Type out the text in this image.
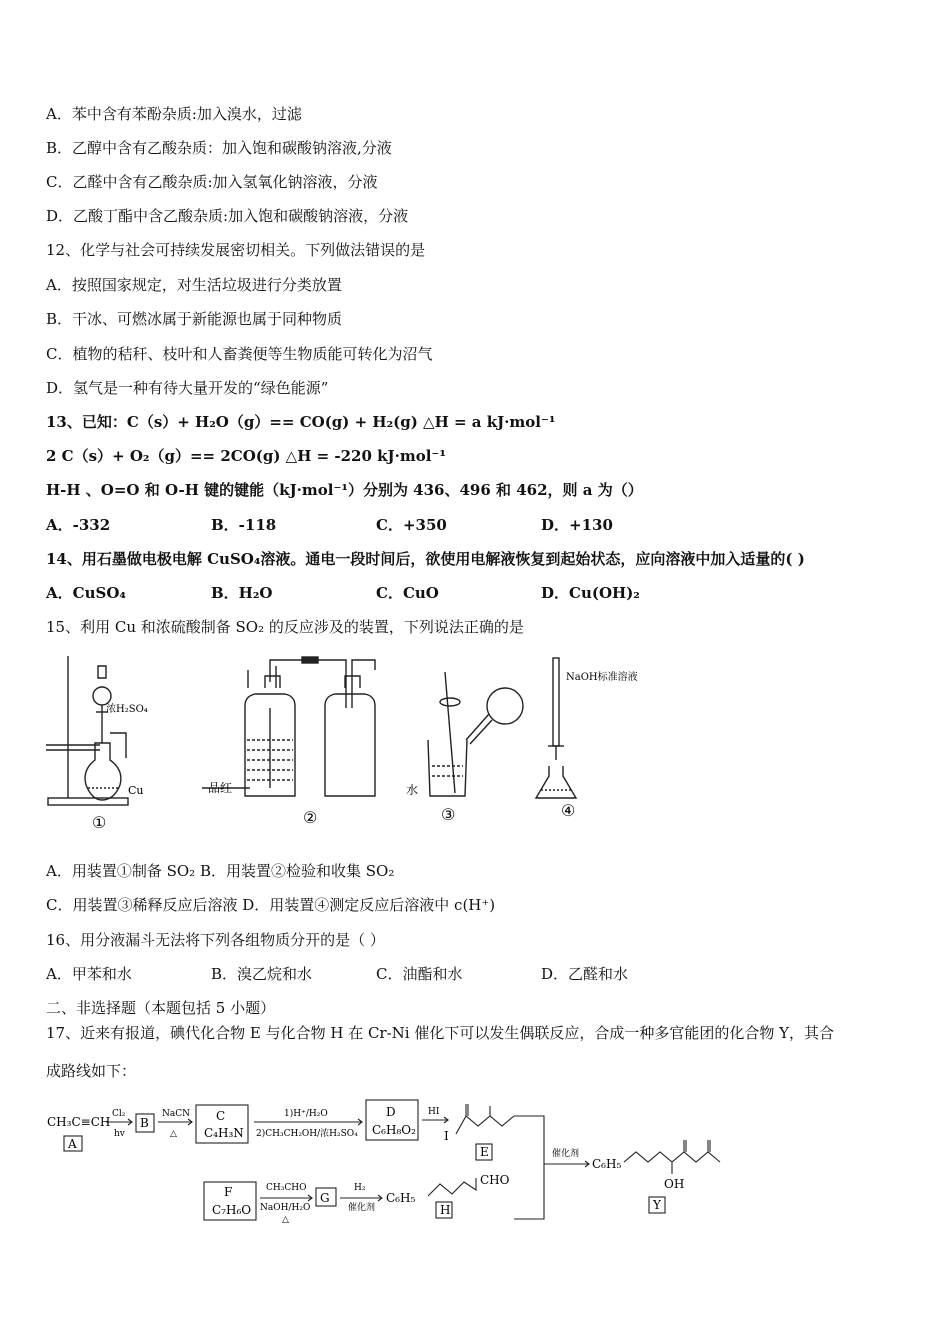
A．苯中含有苯酚杂质:加入溴水，过滤
B．乙醇中含有乙酸杂质：加入饱和碳酸钠溶液,分液
C．乙醛中含有乙酸杂质:加入氢氧化钠溶液，分液
D．乙酸丁酯中含乙酸杂质:加入饱和碳酸钠溶液，分液
12、化学与社会可持续发展密切相关。下列做法错误的是
A．按照国家规定，对生活垃圾进行分类放置
B．干冰、可燃冰属于新能源也属于同种物质
C．植物的秸秆、枝叶和人畜粪便等生物质能可转化为沼气
D．氢气是一种有待大量开发的“绿色能源”
13、已知：C（s）+ H₂O（g）== CO(g) + H₂(g) △H = a kJ·mol⁻¹
2 C（s）+ O₂（g）== 2CO(g) △H = -220 kJ·mol⁻¹
H-H 、O=O 和 O-H 键的键能（kJ·mol⁻¹）分别为 436、496 和 462，则 a 为（）
A．-332	B．-118	C．+350	D．+130
14、用石墨做电极电解 CuSO₄溶液。通电一段时间后，欲使用电解液恢复到起始状态，应向溶液中加入适量的( )
A．CuSO₄	B．H₂O	C．CuO	D．Cu(OH)₂
15、利用 Cu 和浓硫酸制备 SO₂ 的反应涉及的装置，下列说法正确的是
浓H₂SO₄
Cu	品红	水
NaOH标准溶液
①	②	③	④
A．用装置①制备 SO₂ B．用装置②检验和收集 SO₂
C．用装置③稀释反应后溶液 D．用装置④测定反应后溶液中 c(H⁺)
16、用分液漏斗无法将下列各组物质分开的是（ ）
A．甲苯和水	B．溴乙烷和水	C．油酯和水	D．乙醛和水
二、非选择题（本题包括 5 小题）
17、近来有报道，碘代化合物 E 与化合物 H 在 Cr-Ni 催化下可以发生偶联反应，合成一种多官能团的化合物 Y，其合
成路线如下：
CH₃C≡CH
A
Cl₂
hv
B
NaCN
△
C
C₄H₃N
1)H⁺/H₂O
2)CH₃CH₂OH/浓H₂SO₄
D
C₆H₈O₂
HI
I
E	催化剂
C₆H₅
OH
Y
F
C₇H₆O
CH₃CHO
NaOH/H₂O
△
G
H₂
催化剂
C₆H₅
CHO
H
